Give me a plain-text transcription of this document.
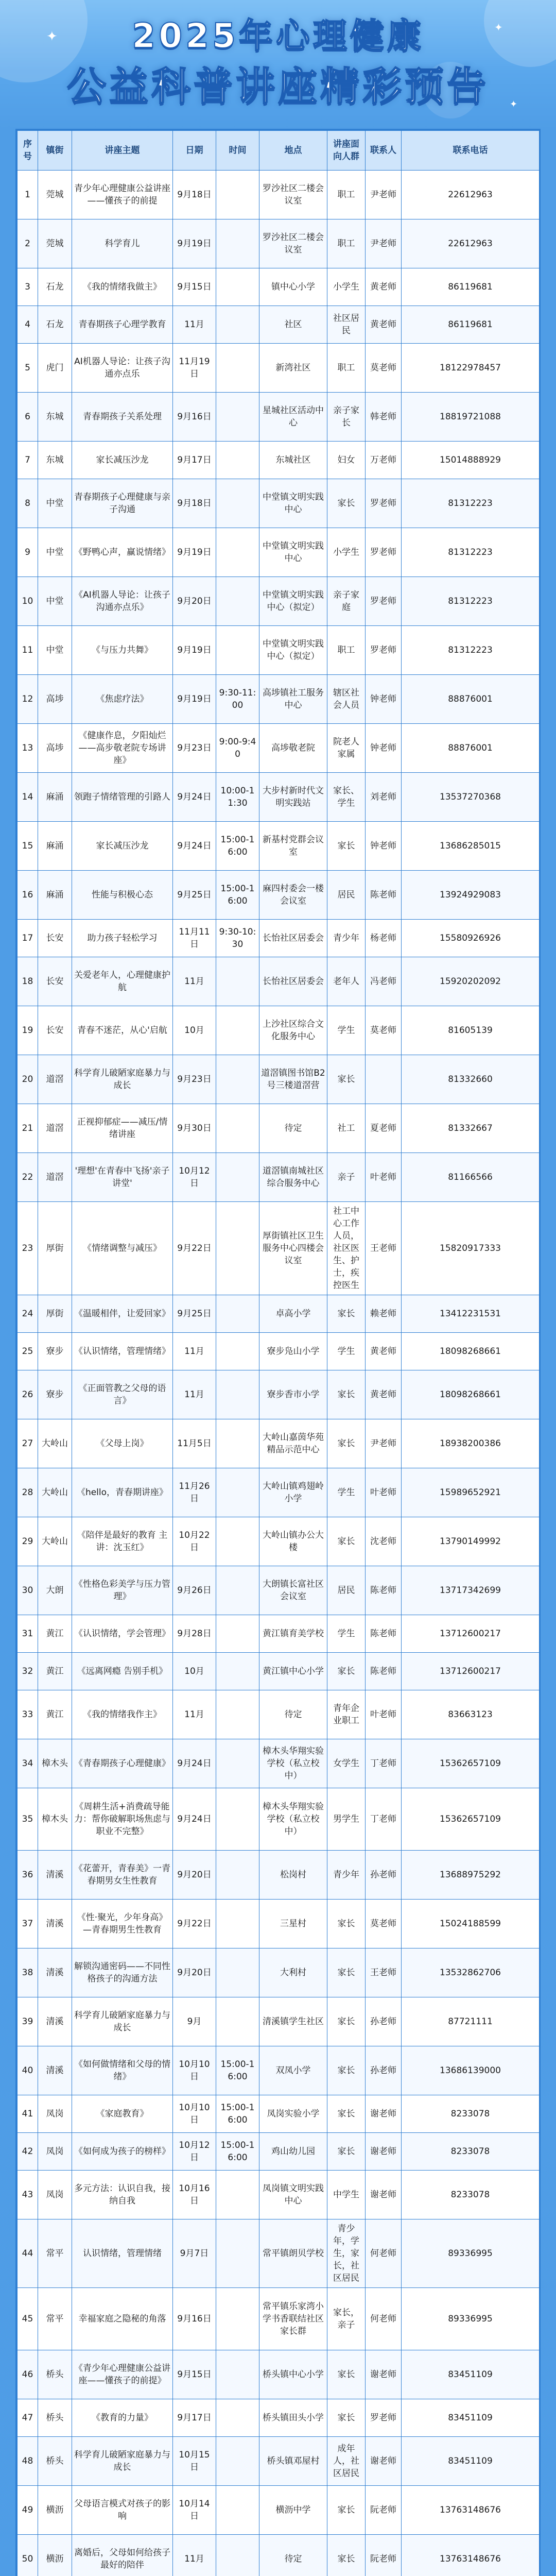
✦
✦
✦
2025年心理健康
公益科普讲座精彩预告
序号	镇街	讲座主题	日期	时间	地点	讲座面向人群	联系人	联系电话
1	莞城	青少年心理健康公益讲座——懂孩子的前提	9月18日		罗沙社区二楼会议室	职工	尹老师	22612963
2	莞城	科学育儿	9月19日		罗沙社区二楼会议室	职工	尹老师	22612963
3	石龙	《我的情绪我做主》	9月15日		镇中心小学	小学生	黄老师	86119681
4	石龙	青春期孩子心理学教育	11月		社区	社区居民	黄老师	86119681
5	虎门	AI机器人导论：让孩子沟通亦点乐	11月19日		新湾社区	职工	莫老师	18122978457
6	东城	青春期孩子关系处理	9月16日		星城社区活动中心	亲子家长	韩老师	18819721088
7	东城	家长减压沙龙	9月17日		东城社区	妇女	万老师	15014888929
8	中堂	青春期孩子心理健康与亲子沟通	9月18日		中堂镇文明实践中心	家长	罗老师	81312223
9	中堂	《野鸭心声，赢说情绪》	9月19日		中堂镇文明实践中心	小学生	罗老师	81312223
10	中堂	《AI机器人导论：让孩子沟通亦点乐》	9月20日		中堂镇文明实践中心（拟定）	亲子家庭	罗老师	81312223
11	中堂	《与压力共舞》	9月19日		中堂镇文明实践中心（拟定）	职工	罗老师	81312223
12	高埗	《焦虑疗法》	9月19日	9:30-11:00	高埗镇社工服务中心	辖区社会人员	钟老师	88876001
13	高埗	《健康作息，夕阳灿烂——高步敬老院专场讲座》	9月23日	9:00-9:40	高埗敬老院	院老人家属	钟老师	88876001
14	麻涌	领跑子情绪管理的引路人	9月24日	10:00-11:30	大步村新时代文明实践站	家长、学生	刘老师	13537270368
15	麻涌	家长减压沙龙	9月24日	15:00-16:00	新基村党群会议室	家长	钟老师	13686285015
16	麻涌	性能与积极心态	9月25日	15:00-16:00	麻四村委会一楼会议室	居民	陈老师	13924929083
17	长安	助力孩子轻松学习	11月11日	9:30-10:30	长怡社区居委会	青少年	杨老师	15580926926
18	长安	关爱老年人，心理健康护航	11月		长怡社区居委会	老年人	冯老师	15920202092
19	长安	青春不迷茫，从心'启航	10月		上沙社区综合文化服务中心	学生	莫老师	81605139
20	道滘	科学育儿破陋家庭暴力与成长	9月23日		道滘镇图书馆B2号三楼道滘营	家长		81332660
21	道滘	正视抑郁症——减压/情绪讲座	9月30日		待定	社工	夏老师	81332667
22	道滘	'理想'在青春中飞扬'亲子讲堂'	10月12日		道滘镇南城社区综合服务中心	亲子	叶老师	81166566
23	厚街	《情绪调整与减压》	9月22日		厚街镇社区卫生服务中心四楼会议室	社工中心工作人员，社区医生、护士，疾控医生	王老师	15820917333
24	厚街	《温暖相伴，让爱回家》	9月25日		卓高小学	家长	赖老师	13412231531
25	寮步	《认识情绪，管理情绪》	11月		寮步凫山小学	学生	黄老师	18098268661
26	寮步	《正面管教之父母的语言》	11月		寮步香市小学	家长	黄老师	18098268661
27	大岭山	《父母上岗》	11月5日		大岭山嘉茵华苑精品示范中心	家长	尹老师	18938200386
28	大岭山	《hello，青春期讲座》	11月26日		大岭山镇鸡翅岭小学	学生	叶老师	15989652921
29	大岭山	《陪伴是最好的教育 主讲：沈玉红》	10月22日		大岭山镇办公大楼	家长	沈老师	13790149992
30	大朗	《性格色彩美学与压力管理》	9月26日		大朗镇长富社区会议室	居民	陈老师	13717342699
31	黄江	《认识情绪，学会管理》	9月28日		黄江镇育美学校	学生	陈老师	13712600217
32	黄江	《远离网瘾 告别手机》	10月		黄江镇中心小学	家长	陈老师	13712600217
33	黄江	《我的情绪我作主》	11月		待定	青年企业职工	叶老师	83663123
34	樟木头	《青春期孩子心理健康》	9月24日		樟木头华翔实验学校（私立校中）	女学生	丁老师	15362657109
35	樟木头	《周耕生活+消费疏导能力：帮你破解职场焦虑与职业不完整》	9月24日		樟木头华翔实验学校（私立校中）	男学生	丁老师	15362657109
36	清溪	《花蕾开，青春美》一青春期男女生性教育	9月20日		松岗村	青少年	孙老师	13688975292
37	清溪	《性·聚光，少年身高》—青春期男生性教育	9月22日		三星村	家长	莫老师	15024188599
38	清溪	解锁沟通密码——不同性格孩子的沟通方法	9月20日		大利村	家长	王老师	13532862706
39	清溪	科学育儿破陋家庭暴力与成长	9月		清溪镇学生社区	家长	孙老师	87721111
40	清溪	《如何做情绪和父母的情绪》	10月10日	15:00-16:00	双凤小学	家长	孙老师	13686139000
41	凤岗	《家庭教育》	10月10日	15:00-16:00	凤岗实验小学	家长	谢老师	8233078
42	凤岗	《如何成为孩子的榜样》	10月12日	15:00-16:00	鸡山幼儿园	家长	谢老师	8233078
43	凤岗	多元方法：认识自我，接纳自我	10月16日		凤岗镇文明实践中心	中学生	谢老师	8233078
44	常平	认识情绪，管理情绪	9月7日		常平镇朗贝学校	青少年，学生，家长，社区居民	何老师	89336995
45	常平	幸福家庭之隐秘的角落	9月16日		常平镇乐家湾小学书香联结社区家长群	家长，亲子	何老师	89336995
46	桥头	《青少年心理健康公益讲座——懂孩子的前提》	9月15日		桥头镇中心小学	家长	谢老师	83451109
47	桥头	《教育的力量》	9月17日		桥头镇田头小学	家长	罗老师	83451109
48	桥头	科学育儿破陋家庭暴力与成长	10月15日		桥头镇邓屋村	成年人，社区居民	谢老师	83451109
49	横沥	父母语言模式对孩子的影响	10月14日		横沥中学	家长	阮老师	13763148676
50	横沥	离婚后，父母如何给孩子最好的陪伴	11月		待定	家长	阮老师	13763148676
